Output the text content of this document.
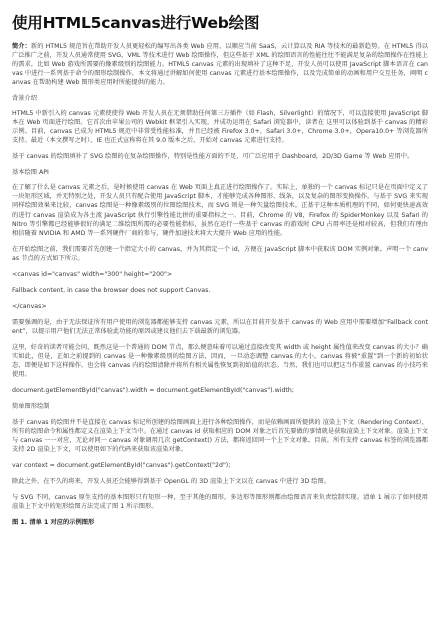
使用HTML5canvas进行Web绘图

简介：新的 HTML5 规范旨在帮助开发人员更轻松的编写出各类 Web 应用，以顺应当前 SaaS，云计算以及 RIA 等技术的最新趋势。在 HTML5 得以广泛推广之前，开发人员通常使用 SVG，VML 等技术进行 Web 绘图操作，但这些基于 XML 的绘图语言的性能往往不能满足复杂的绘图操作在性能上的需求，比如 Web 游戏所需要的像素级别的绘图能力。HTML5 canvas 元素的出现填补了这种不足，开发人员可以使用 JavaScript 脚本语言在 canvas 中进行一系列基于命令的图形绘制操作，本文将通过讲解如何使用 canvas 元素进行基本绘图操作，以及完成简单的动画和用户交互任务，阐明 canvas 在帮助构建 Web 图形类应用时所能提供的能力。

背景介绍

HTML5 中新引入的 canvas 元素使使得 Web 开发人员在无须借助任何第三方插件（如 Flash，Silverlight）的情况下，可以直接使用 JavaScript 脚本在 Web 页面进行绘图。它首次由苹果公司的 Webkit 框架引入实现，并成功运用在 Safari 浏览器中，读者在 这里可以体验到基于 canvas 的精彩示例。目前，canvas 已成为 HTML5 规范中非常受性能标准，并且已经被 Firefox 3.0+，Safari 3.0+，Chrome 3.0+，Opera10.0+ 等浏览器所支持。最近（本文撰写之时），IE 也正式宣称将在其 9.0 版本之后，开始对 canvas 元素进行支持。

基于 canvas 的绘图填补了 SVG 绘图的在复杂绘图操作，特别是性能方面的不足，可广泛应用于 Dashboard，2D/3D Game 等 Web 应用中。

基本绘图 API

在了解了什么是 canvas 元素之后，是时候使用 canvas 在 Web 页面上真正进行绘图操作了。实际上，单独的一个 canvas 标记只是在页面中定义了一块矩形区域，并无特别之处，开发人员只有配合使用 JavaScript 脚本，才能够完成各种图形、线条，以及复杂的图形变换操作，与基于 SVG 来实现同样绘图效果来比较，canvas 绘图是一种像素级别的位图绘图技术，而 SVG 则是一种矢量绘图技术。正基于这种本质机理的不同，如何更快速高效的进行 canvas 渲染成为各主流 JavaScript 执行引擎性能比拼的重要指标之一。目前，Chrome 的 V8，Firefox 的 SpiderMonkey 以及 Safari 的 Nitro 等引擎都已经能够很好的满足二维绘图所需的必要性能指标，虽然在运行一些基于 canvas 的游戏时 CPU 占用率还是相对较高，但我们有理由相信随着 NVIDIA 和 AMD 等一系列硬件厂商的参与，硬件加速技术将大大提升 Web 应用的性能。

在开始绘图之前，我们需要首先创建一个指定大小的 canvas，并为其指定一个 id，方便在 JavaScript 脚本中获取该 DOM 实例对象。声明一个 canvas 节点的方式如下所示。

<canvas id="canvas" width="300" height="200">

Fallback content, in case the browser does not support Canvas.

</canvas>

需要强调的是，由于无法保证所有用户使用的浏览器都能够支持 canvas 元素，所以在目前开发基于 canvas 的 Web 应用中需要增加“Fallback content”，以提示用户他们无法正常体验此功能的原因或建议他们去下载最新的浏览器。

这里，好奇的读者可能会问，既然这是一个普通的 DOM 节点，那么便意味着可以通过直接改变其 width 或 height 属性值来改变 canvas 的大小？确实如此，但是，正如之前提到的 canvas 是一种像素级别的绘图方法，因而，一旦动态调整 canvas 的大小，canvas 将被“重置”到一个新的初始状态，即便是如下这样操作，也会将 canvas 内的绘图清除并将所有相关属性恢复到初始值的状态。当然，我们也可以把这当作重置 canvas 的小技巧来使用。

document.getElementById("canvas").width = document.getElementById("canvas").width;

简单图形绘制

基于 canvas 的绘图并不是直接在 canvas 标记所创建的绘图画面上进行各种绘图操作，而是依赖画面所提供的 渲染上下文（Rendering Context），所有的绘图命令和属性都定义在渲染上下文当中。在通过 canvas id 获取相应的 DOM 对象之后首先要做的事情就是获取渲染上下文对象。渲染上下文与 canvas 一一对应，无论对同一 canvas 对象调用几次 getContext() 方法，都将返回同一个上下文对象。目前，所有支持 canvas 标签的浏览器都支持 2D 渲染上下文，可以使用如下的代码来获取该渲染对象。

var context = document.getElementById("canvas").getContext("2d");

除此之外，在不久的将来，开发人员还会能够得到基于 OpenGL 的 3D 渲染上下文以在 canvas 中进行 3D 绘图。

与 SVG 不同，canvas 原生支持的基本图形只有矩形一种，至于其他的图形，多边形等图形则都由绘图语言来负责绘制实现。清单 1 展示了如何使用渲染上下文中的矩形绘图方法完成了图 1 所示图形。

图 1. 清单 1 对应的示例图形
